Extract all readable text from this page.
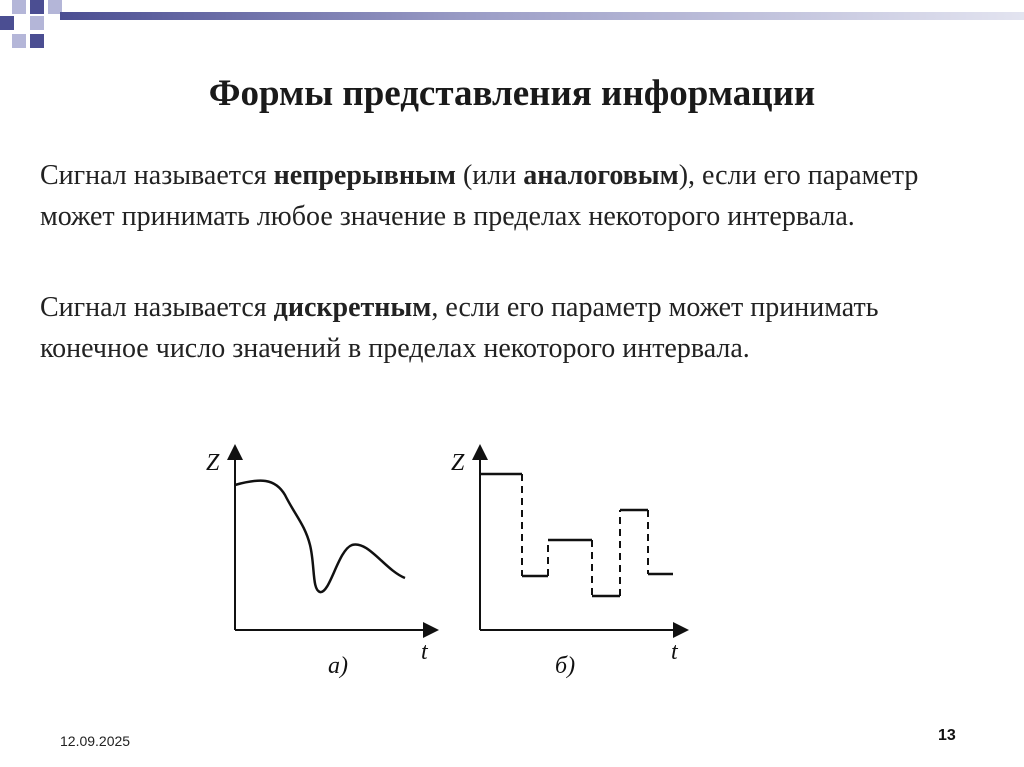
Формы представления информации
Сигнал называется непрерывным (или аналоговым), если его параметр может принимать любое значение в пределах некоторого интервала.
Сигнал называется дискретным, если его параметр может принимать конечное число значений в пределах некоторого интервала.
Z
t
а)
Z
t
б)
12.09.2025	13
